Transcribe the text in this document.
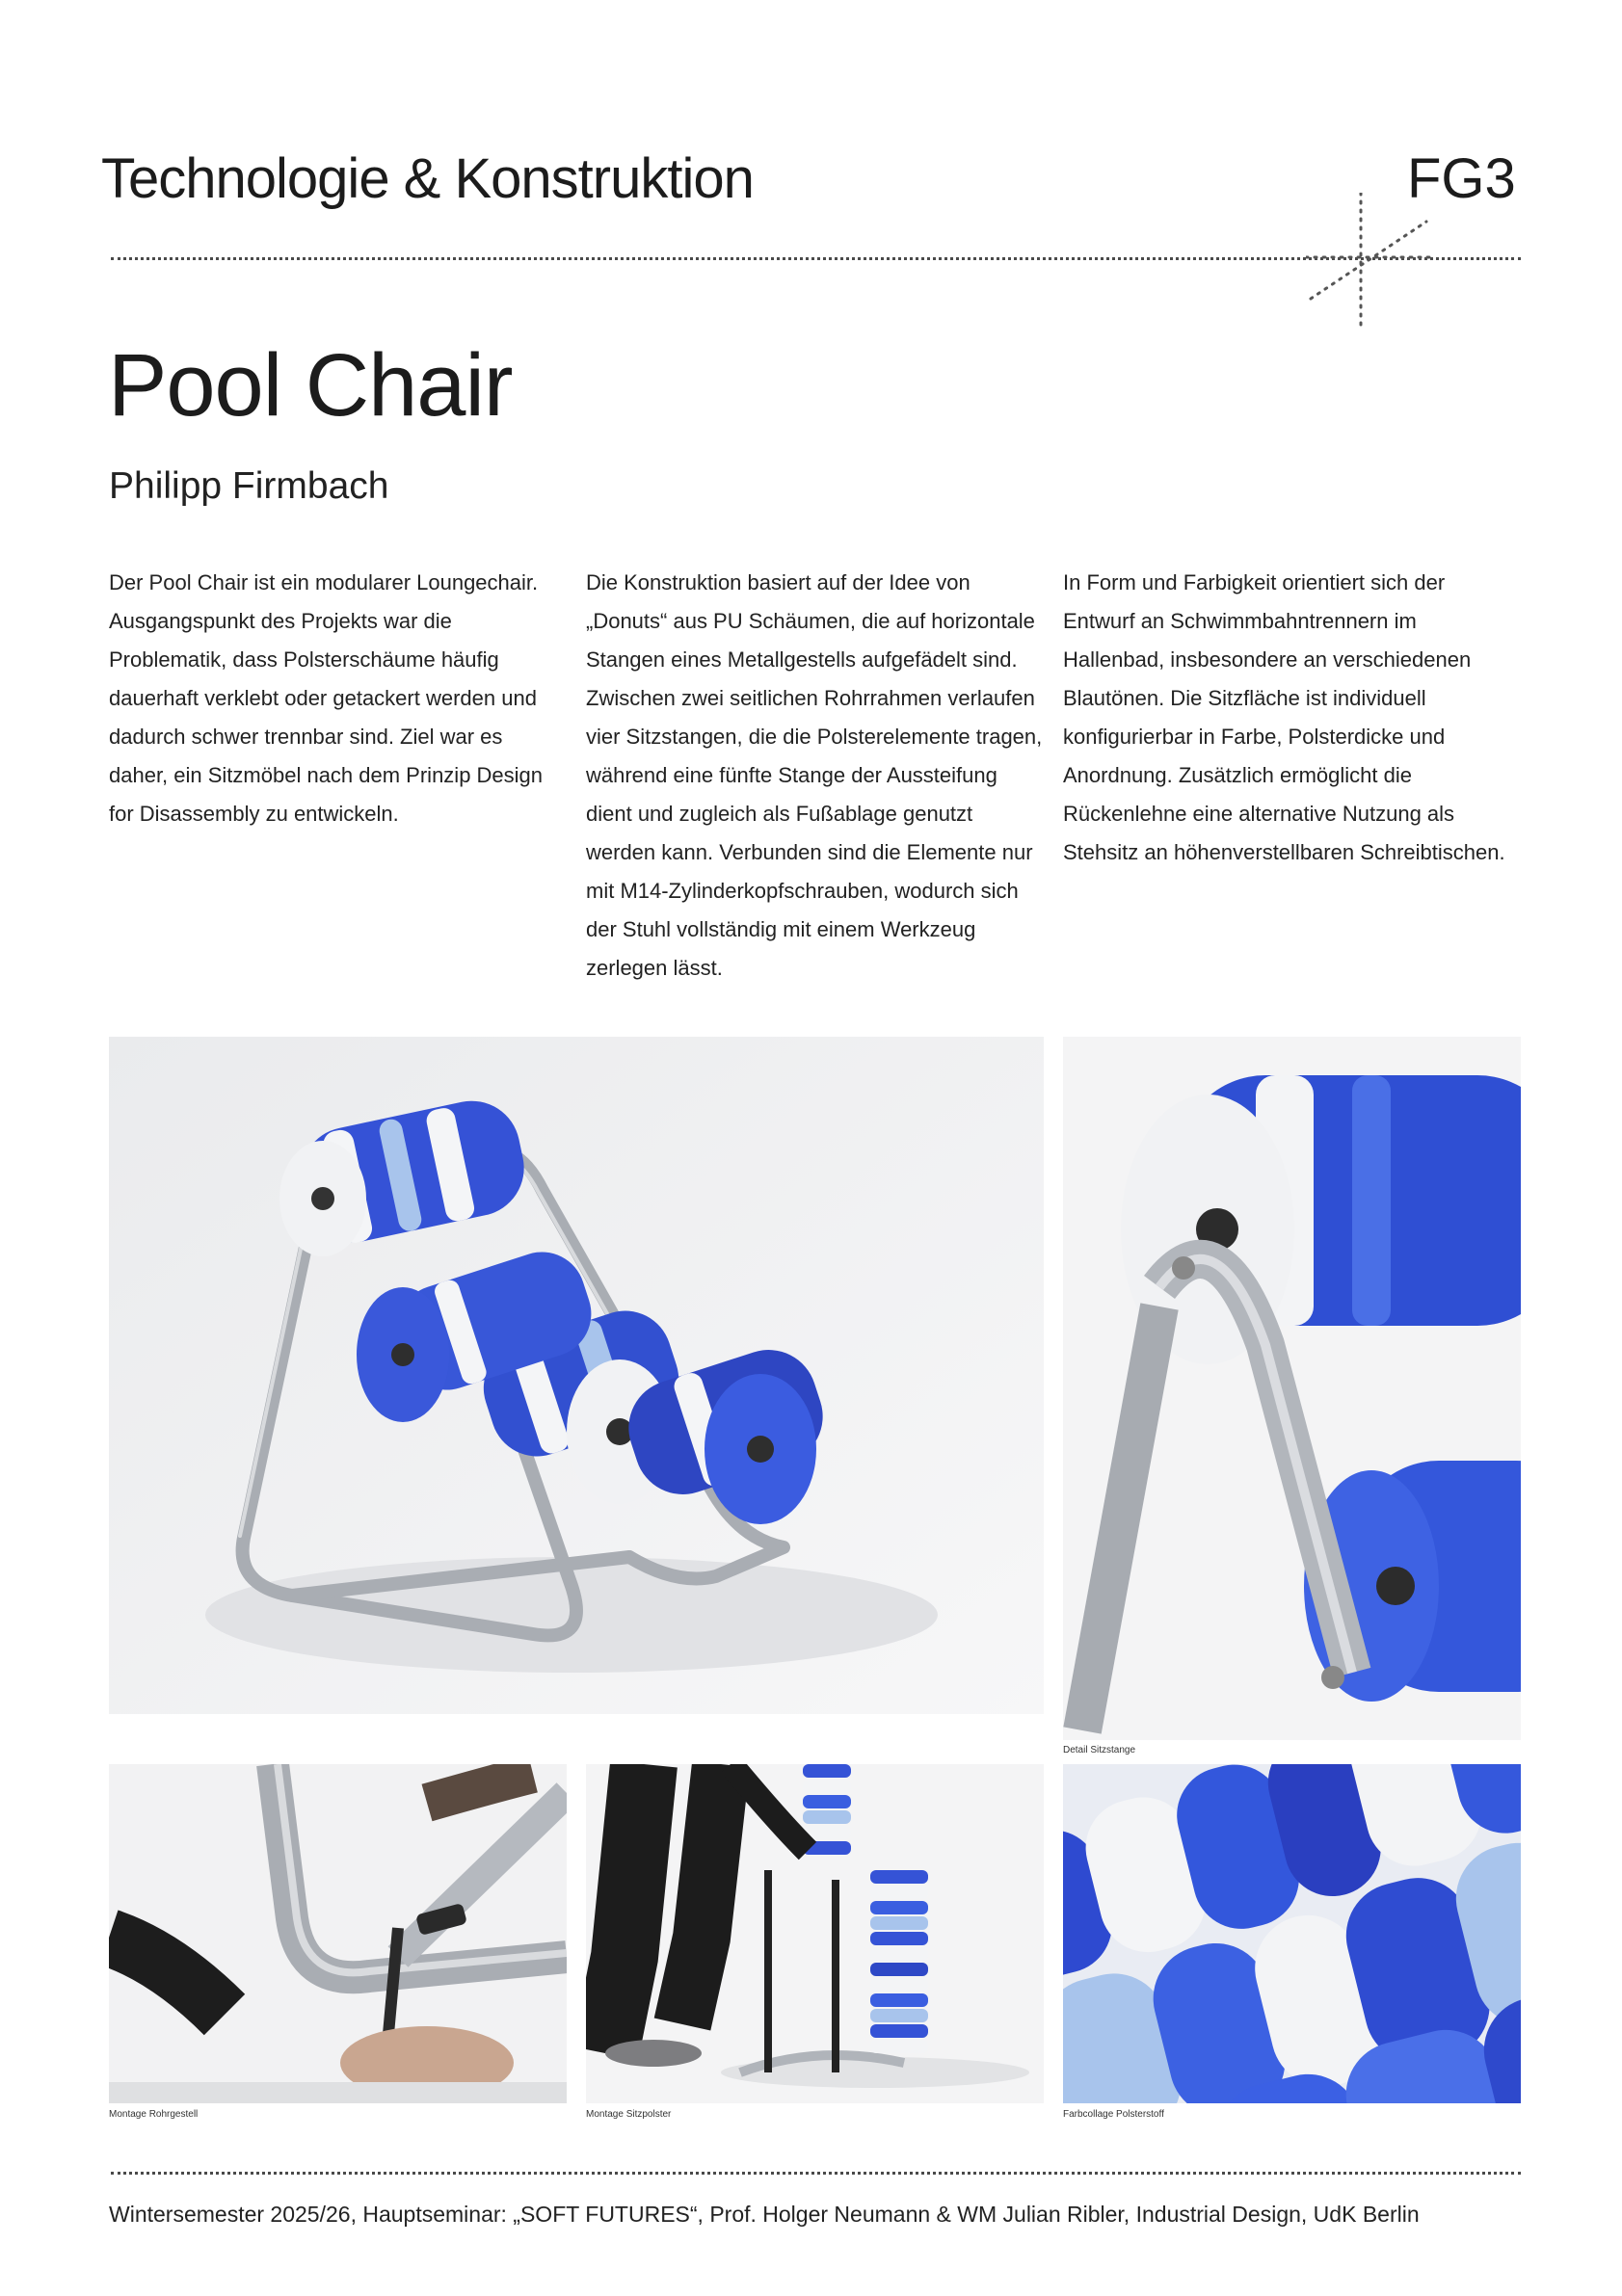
Technologie & Konstruktion	FG3
Pool Chair
Philipp Firmbach

Der Pool Chair ist ein modularer Loungechair. Ausgangspunkt des Projekts war die Problematik, dass Polsterschäume häufig dauerhaft verklebt oder getackert werden und dadurch schwer trennbar sind. Ziel war es daher, ein Sitzmöbel nach dem Prinzip Design for Disassembly zu entwickeln.

Die Konstruktion basiert auf der Idee von „Donuts“ aus PU Schäumen, die auf horizontale Stangen eines Metallgestells aufgefädelt sind. Zwischen zwei seitlichen Rohrrahmen verlaufen vier Sitzstangen, die die Polsterelemente tragen, während eine fünfte Stange der Aussteifung dient und zugleich als Fußablage genutzt werden kann. Verbunden sind die Elemente nur mit M14-Zylinderkopfschrauben, wodurch sich der Stuhl vollständig mit einem Werkzeug zerlegen lässt.

In Form und Farbigkeit orientiert sich der Entwurf an Schwimmbahntrennern im Hallenbad, insbesondere an verschiedenen Blautönen. Die Sitzfläche ist individuell konfigurierbar in Farbe, Polsterdicke und Anordnung. Zusätzlich ermöglicht die Rückenlehne eine alternative Nutzung als Stehsitz an höhenverstellbaren Schreibtischen.

Detail Sitzstange
Montage Rohrgestell	Montage Sitzpolster	Farbcollage Polsterstoff
Wintersemester 2025/26, Hauptseminar: „SOFT FUTURES“, Prof. Holger Neumann & WM Julian Ribler, Industrial Design, UdK Berlin
